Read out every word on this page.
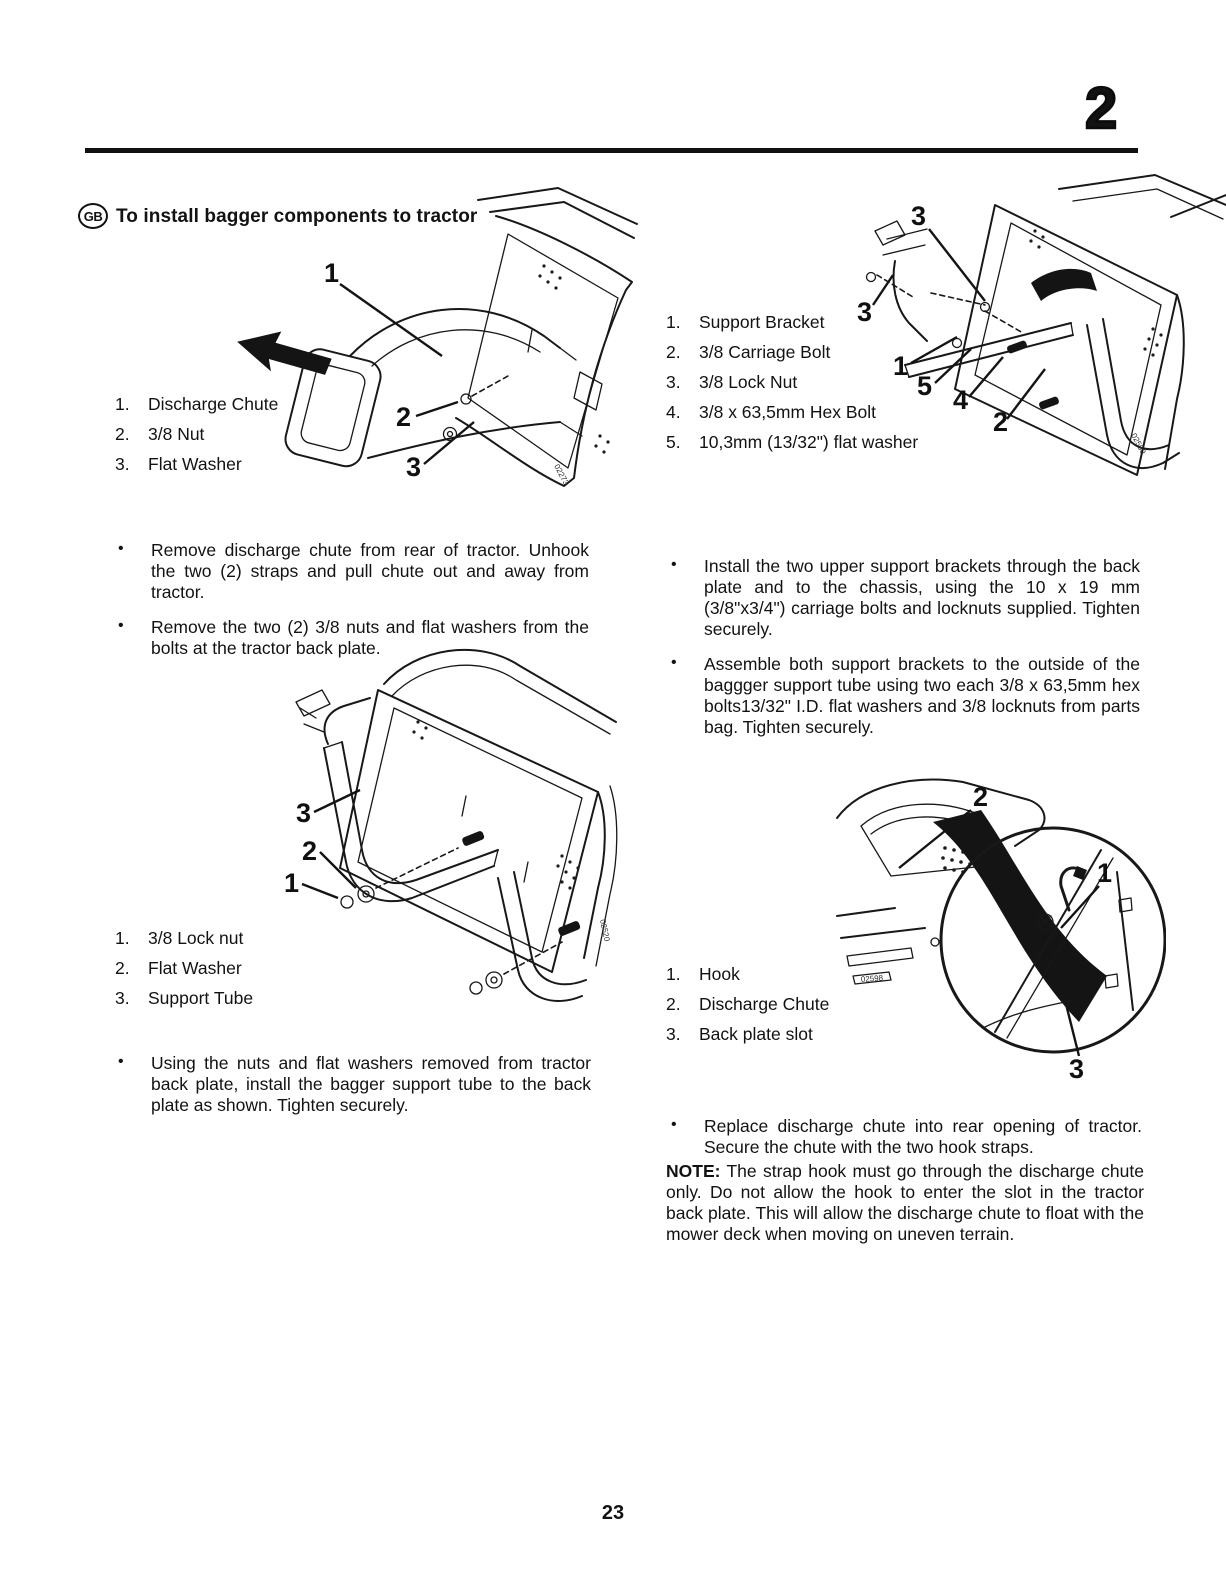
2
GB To install bagger components to tractor
1
2
3	02273
1.	Discharge Chute
2.	3/8 Nut
3.	Flat Washer
•	Remove discharge chute from rear of tractor. Unhook the two (2) straps and pull chute out and away from tractor.
•	Remove the two (2) 3/8 nuts and flat washers from the bolts at the tractor back plate.
3
2
1
02520
1.	3/8 Lock nut
2.	Flat Washer
3.	Support Tube
•	Using the nuts and flat washers removed from tractor back plate, install the bagger support tube to the back plate as shown. Tighten securely.
3
3
1
5 4
2
02560
1.	Support Bracket
2.	3/8 Carriage Bolt
3.	3/8 Lock Nut
4.	3/8 x 63,5mm Hex Bolt
5.	10,3mm (13/32") flat washer
•	Install the two upper support brackets through the back plate and to the chassis, using the 10 x 19 mm (3/8"x3/4") carriage bolts and locknuts supplied. Tighten securely.
•	Assemble both support brackets to the outside of the baggger support tube using two each 3/8 x 63,5mm hex bolts13/32" I.D. flat washers and 3/8 locknuts from parts bag. Tighten securely.
2
1
3
02598
1.	Hook
2.	Discharge Chute
3.	Back plate slot
•	Replace discharge chute into rear opening of tractor. Secure the chute with the two hook straps.
NOTE: The strap hook must go through the discharge chute only. Do not allow the hook to enter the slot in the tractor back plate. This will allow the discharge chute to float with the mower deck when moving on uneven terrain.
23
